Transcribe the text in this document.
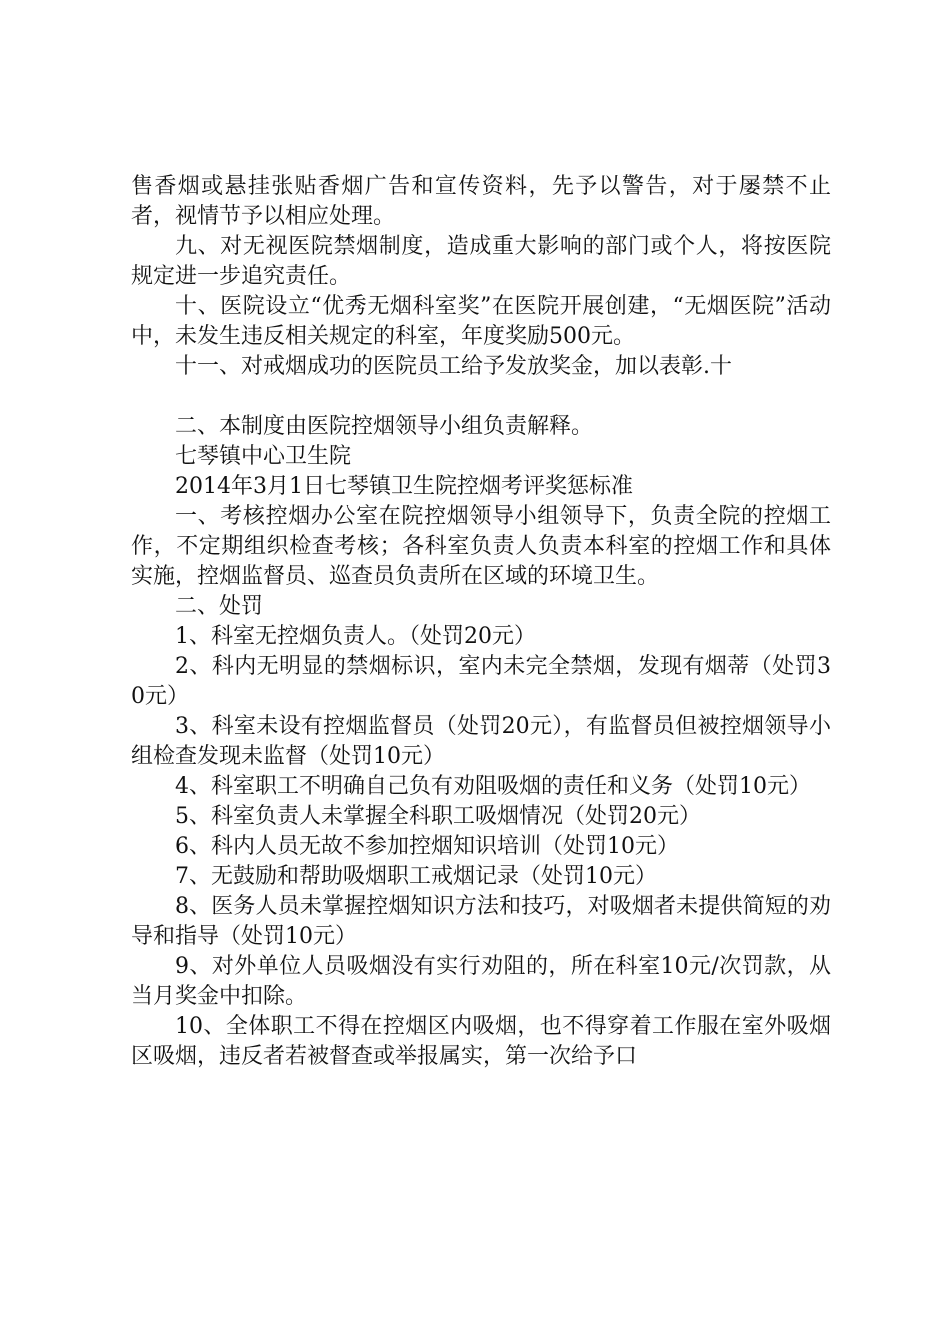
售香烟或悬挂张贴香烟广告和宣传资料，先予以警告，对于屡禁不止者，视情节予以相应处理。

九、对无视医院禁烟制度，造成重大影响的部门或个人，将按医院规定进一步追究责任。

十、医院设立“优秀无烟科室奖”在医院开展创建，“无烟医院”活动中，未发生违反相关规定的科室，年度奖励500元。

十一、对戒烟成功的医院员工给予发放奖金，加以表彰.十

二、本制度由医院控烟领导小组负责解释。

七琴镇中心卫生院

2014年3月1日七琴镇卫生院控烟考评奖惩标准

一、考核控烟办公室在院控烟领导小组领导下，负责全院的控烟工作，不定期组织检查考核；各科室负责人负责本科室的控烟工作和具体实施，控烟监督员、巡查员负责所在区域的环境卫生。

二、处罚

1、科室无控烟负责人。（处罚20元）

2、科内无明显的禁烟标识，室内未完全禁烟，发现有烟蒂（处罚30元）

3、科室未设有控烟监督员（处罚20元），有监督员但被控烟领导小组检查发现未监督（处罚10元）

4、科室职工不明确自己负有劝阻吸烟的责任和义务（处罚10元）

5、科室负责人未掌握全科职工吸烟情况（处罚20元）

6、科内人员无故不参加控烟知识培训（处罚10元）

7、无鼓励和帮助吸烟职工戒烟记录（处罚10元）

8、医务人员未掌握控烟知识方法和技巧，对吸烟者未提供简短的劝导和指导（处罚10元）

9、对外单位人员吸烟没有实行劝阻的，所在科室10元/次罚款，从当月奖金中扣除。

10、全体职工不得在控烟区内吸烟，也不得穿着工作服在室外吸烟区吸烟，违反者若被督查或举报属实，第一次给予口
